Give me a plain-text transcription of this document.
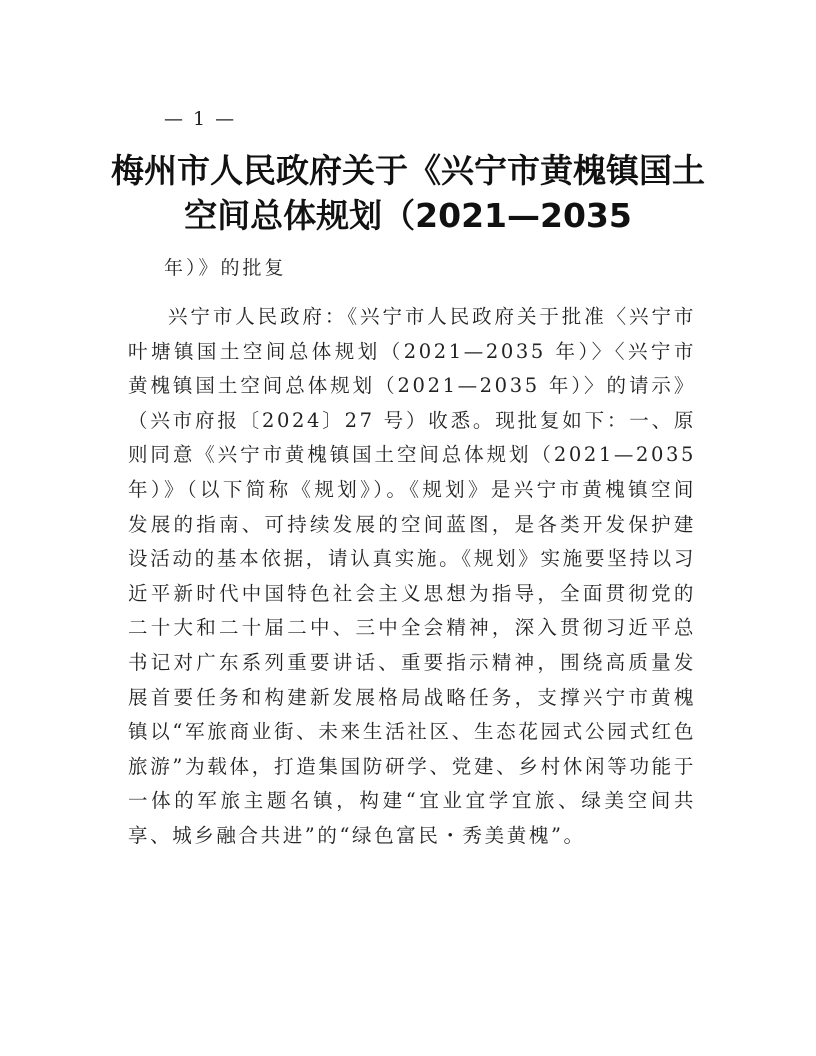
— 1 —
梅州市人民政府关于《兴宁市黄槐镇国土空间总体规划（2021—2035
年）》的批复

兴宁市人民政府：《兴宁市人民政府关于批准〈兴宁市叶塘镇国土空间总体规划（2021—2035 年）〉〈兴宁市黄槐镇国土空间总体规划（2021—2035 年）〉的请示》（兴市府报〔2024〕27 号）收悉。现批复如下：一、原则同意《兴宁市黄槐镇国土空间总体规划（2021—2035 年）》（以下简称《规划》）。《规划》是兴宁市黄槐镇空间发展的指南、可持续发展的空间蓝图，是各类开发保护建设活动的基本依据，请认真实施。《规划》实施要坚持以习近平新时代中国特色社会主义思想为指导，全面贯彻党的二十大和二十届二中、三中全会精神，深入贯彻习近平总书记对广东系列重要讲话、重要指示精神，围绕高质量发展首要任务和构建新发展格局战略任务，支撑兴宁市黄槐镇以“军旅商业街、未来生活社区、生态花园式公园式红色旅游”为载体，打造集国防研学、党建、乡村休闲等功能于一体的军旅主题名镇，构建“宜业宜学宜旅、绿美空间共享、城乡融合共进”的“绿色富民・秀美黄槐”。
